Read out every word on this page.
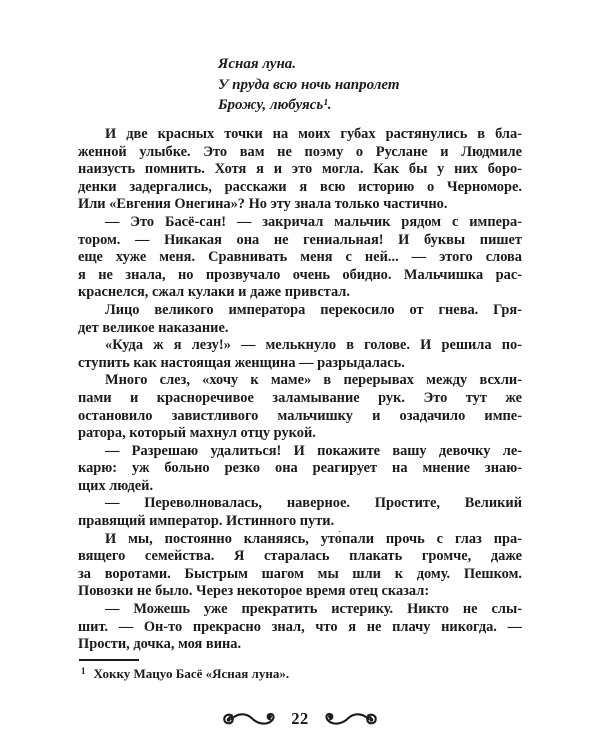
Ясная луна.
У пруда всю ночь напролет
Брожу, любуясь¹.
И две красных точки на моих губах растянулись в бла-
женной улыбке. Это вам не поэму о Руслане и Людмиле
наизусть помнить. Хотя я и это могла. Как бы у них боро-
денки задергались, расскажи я всю историю о Черноморе.
Или «Евгения Онегина»? Но эту знала только частично.
— Это Басё-сан! — закричал мальчик рядом с импера-
тором. — Никакая она не гениальная! И буквы пишет
еще хуже меня. Сравнивать меня с ней... — этого слова
я не знала, но прозвучало очень обидно. Мальчишка рас-
краснелся, сжал кулаки и даже привстал.
Лицо великого императора перекосило от гнева. Гря-
дет великое наказание.
«Куда ж я лезу!» — мелькнуло в голове. И решила по-
ступить как настоящая женщина — разрыдалась.
Много слез, «хочу к маме» в перерывах между всхли-
пами и красноречивое заламывание рук. Это тут же
остановило завистливого мальчишку и озадачило импе-
ратора, который махнул отцу рукой.
— Разрешаю удалиться! И покажите вашу девочку ле-
карю: уж больно резко она реагирует на мнение знаю-
щих людей.
— Переволновалась, наверное. Простите, Великий
правящий император. Истинного пути.
И мы, постоянно кланяясь, уто́пали прочь с глаз пра-
вящего семейства. Я старалась плакать громче, даже
за воротами. Быстрым шагом мы шли к дому. Пешком.
Повозки не было. Через некоторое время отец сказал:
— Можешь уже прекратить истерику. Никто не слы-
шит. — Он-то прекрасно знал, что я не плачу никогда. —
Прости, дочка, моя вина.
$^1$ Хокку Мацуо Басё «Ясная луна».
22
